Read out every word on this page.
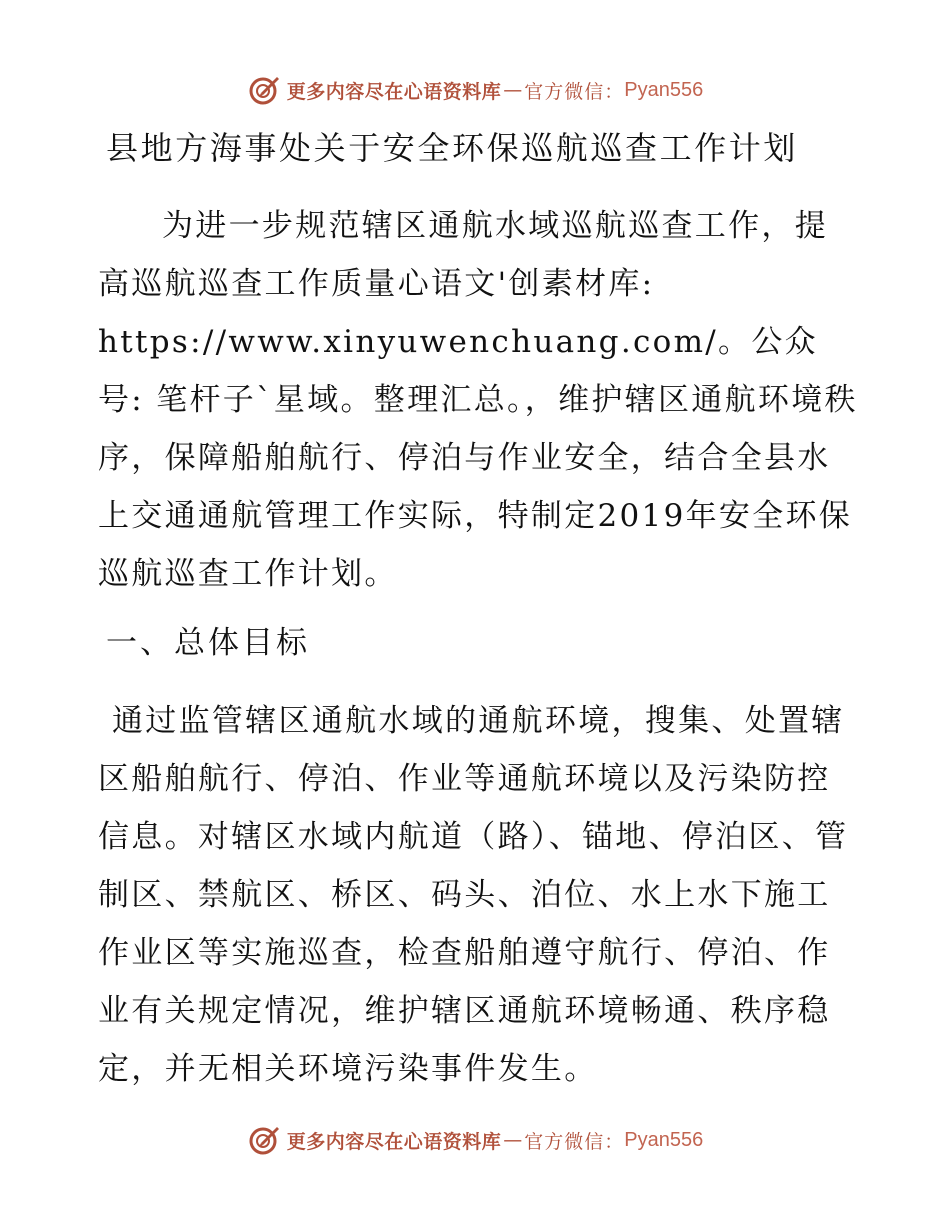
更多内容尽在心语资料库 — 官方微信： Pyan556
县地方海事处关于安全环保巡航巡查工作计划

为进一步规范辖区通航水域巡航巡查工作，提高巡航巡查工作质量心语文'创素材库: https://www.xinyuwenchuang.com/。公众号: 笔杆子`星域。整理汇总。，维护辖区通航环境秩序，保障船舶航行、停泊与作业安全，结合全县水上交通通航管理工作实际，特制定2019年安全环保巡航巡查工作计划。

一、总体目标

通过监管辖区通航水域的通航环境，搜集、处置辖区船舶航行、停泊、作业等通航环境以及污染防控信息。对辖区水域内航道（路）、锚地、停泊区、管制区、禁航区、桥区、码头、泊位、水上水下施工作业区等实施巡查，检查船舶遵守航行、停泊、作业有关规定情况，维护辖区通航环境畅通、秩序稳定，并无相关环境污染事件发生。

更多内容尽在心语资料库 — 官方微信： Pyan556
